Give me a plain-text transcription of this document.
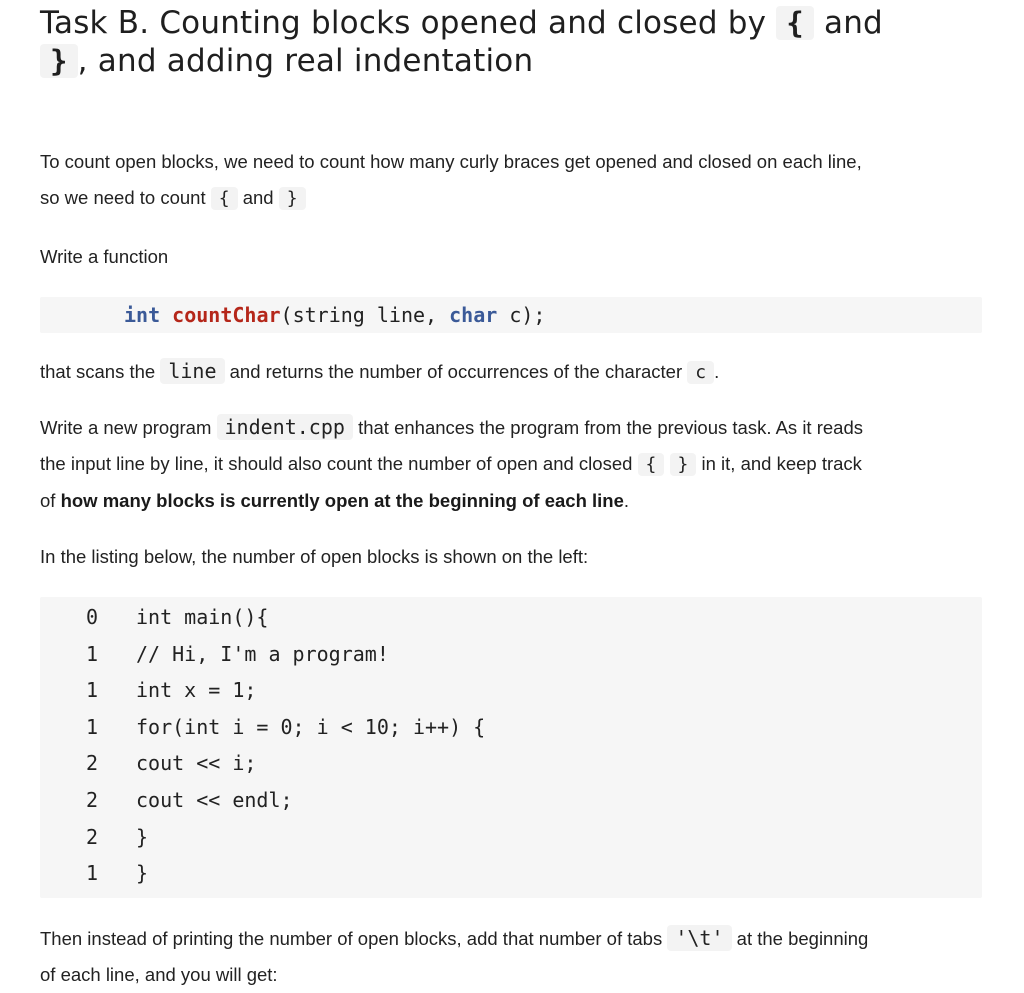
Task B. Counting blocks opened and closed by { and
} , and adding real indentation

To count open blocks, we need to count how many curly braces get opened and closed on each line,
so we need to count { and }

Write a function

int countChar(string line, char c);

that scans the line and returns the number of occurrences of the character c .

Write a new program indent.cpp that enhances the program from the previous task. As it reads
the input line by line, it should also count the number of open and closed { } in it, and keep track
of how many blocks is currently open at the beginning of each line.

In the listing below, the number of open blocks is shown on the left:

0	int main(){
1	// Hi, I'm a program!
1	int x = 1;
1	for(int i = 0; i < 10; i++) {
2	cout << i;
2	cout << endl;
2	}
1	}

Then instead of printing the number of open blocks, add that number of tabs '\t' at the beginning
of each line, and you will get:
